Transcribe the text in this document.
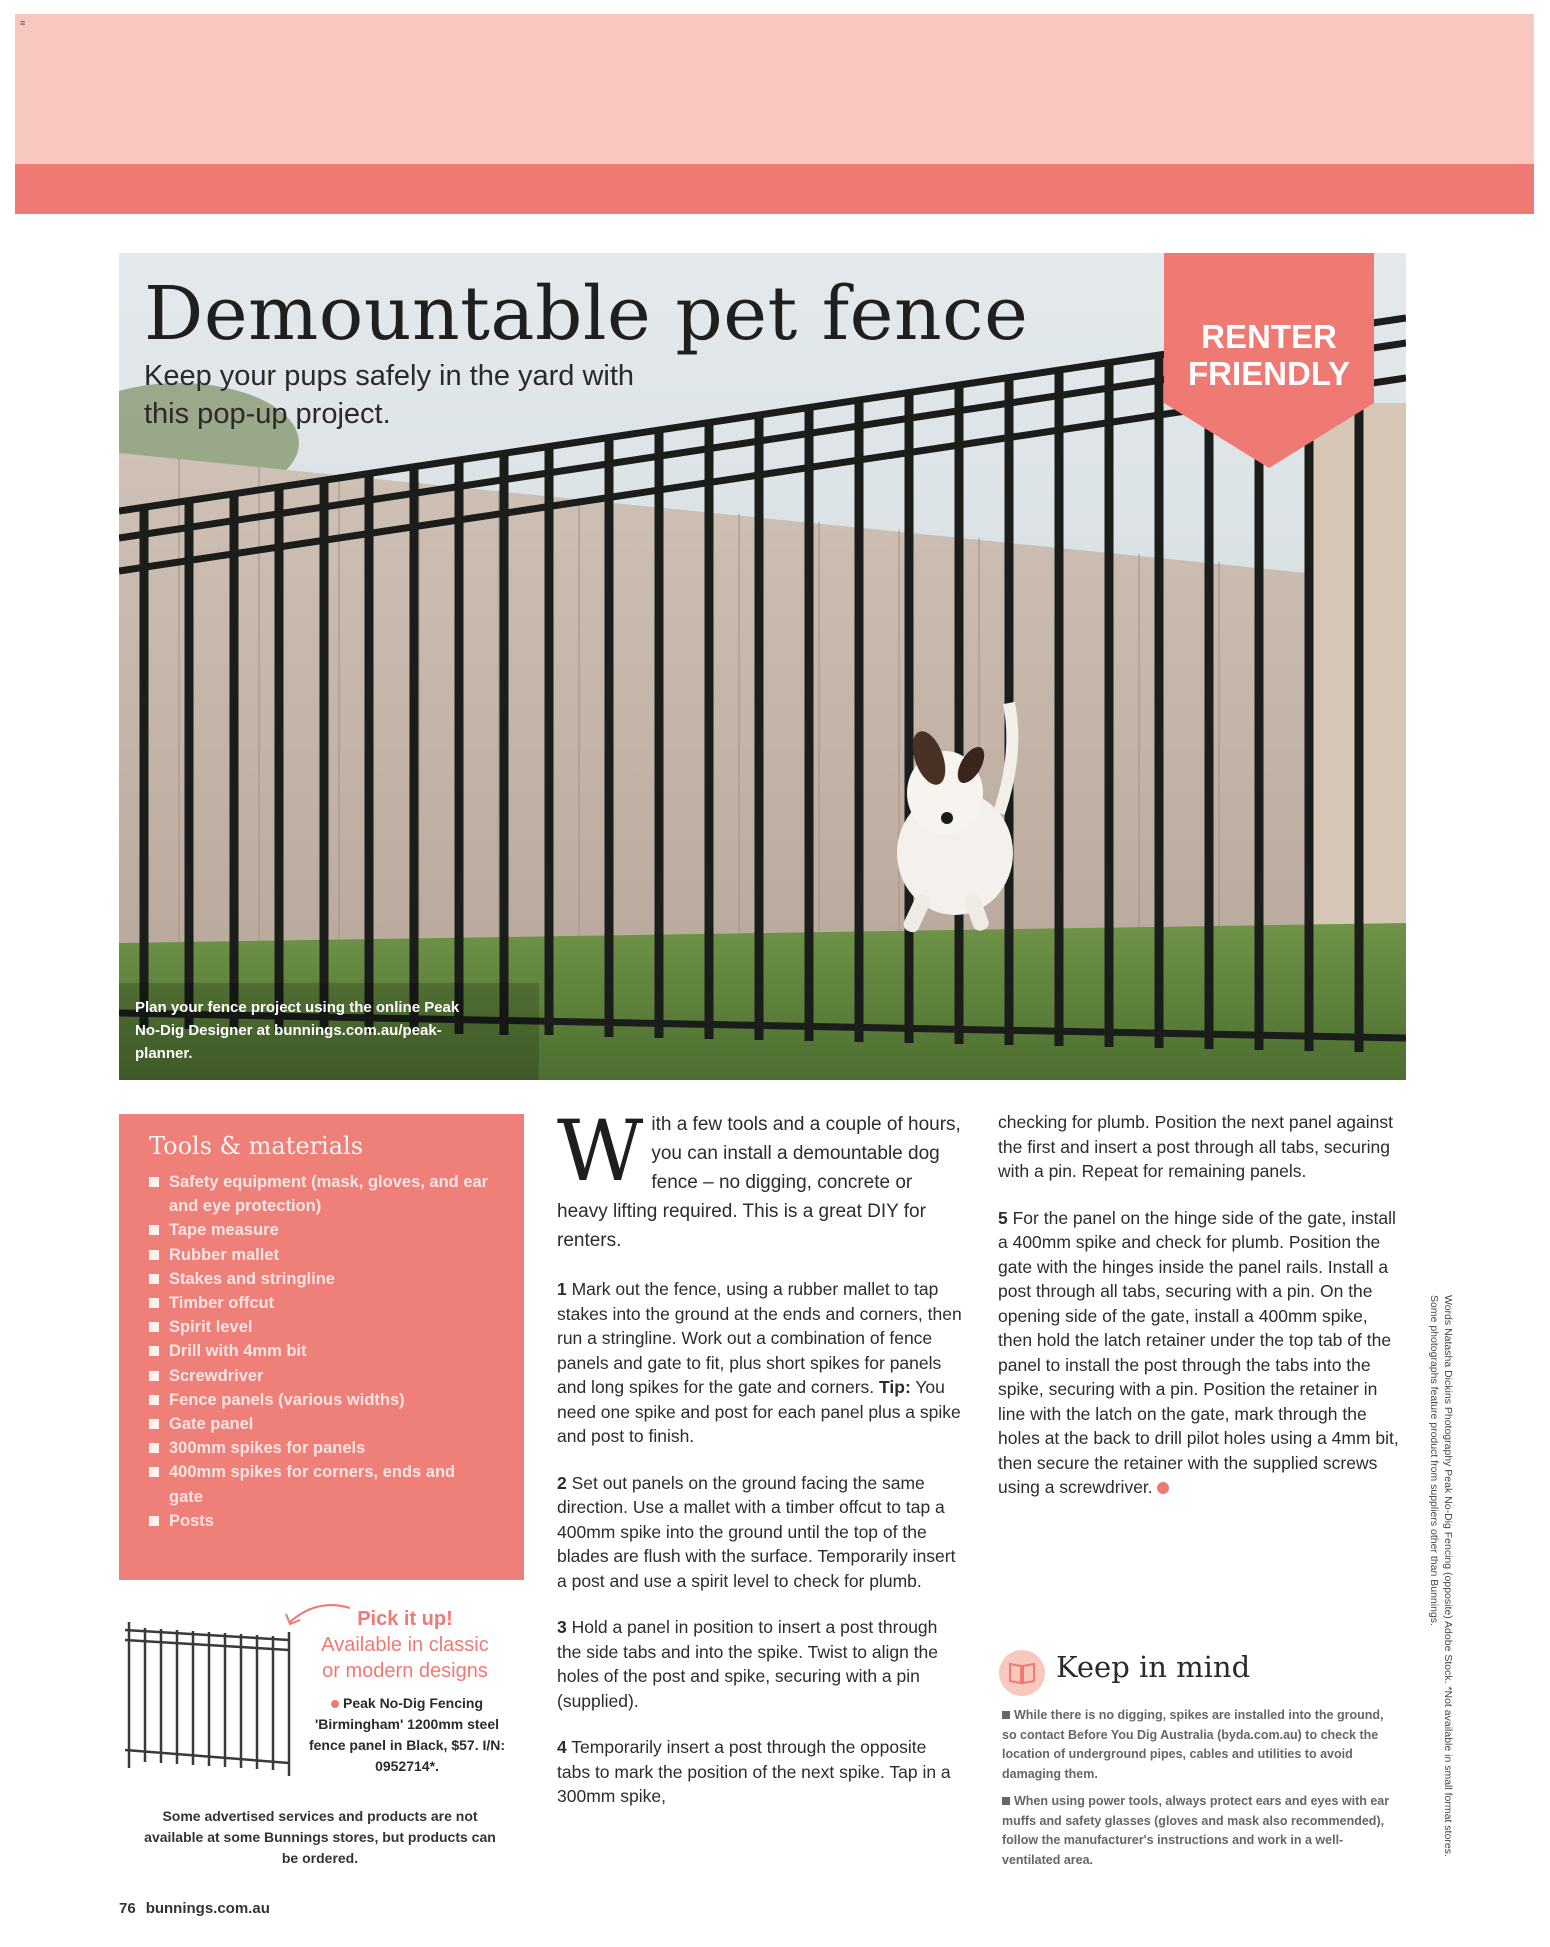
≡
Demountable pet fence
Keep your pups safely in the yard with this pop-up project.
RENTER
FRIENDLY
Plan your fence project using the online Peak No-Dig Designer at bunnings.com.au/peak-planner.
Tools & materials
Safety equipment (mask, gloves, and ear and eye protection)
Tape measure
Rubber mallet
Stakes and stringline
Timber offcut
Spirit level
Drill with 4mm bit
Screwdriver
Fence panels (various widths)
Gate panel
300mm spikes for panels
400mm spikes for corners, ends and gate
Posts
Pick it up!
Available in classic
or modern designs
Peak No-Dig Fencing 'Birmingham' 1200mm steel fence panel in Black, $57. I/N: 0952714*.
Some advertised services and products are not available at some Bunnings stores, but products can be ordered.
76 bunnings.com.au

With a few tools and a couple of hours, you can install a demountable dog fence – no digging, concrete or heavy lifting required. This is a great DIY for renters.

1 Mark out the fence, using a rubber mallet to tap stakes into the ground at the ends and corners, then run a stringline. Work out a combination of fence panels and gate to fit, plus short spikes for panels and long spikes for the gate and corners. Tip: You need one spike and post for each panel plus a spike and post to finish.

2 Set out panels on the ground facing the same direction. Use a mallet with a timber offcut to tap a 400mm spike into the ground until the top of the blades are flush with the surface. Temporarily insert a post and use a spirit level to check for plumb.

3 Hold a panel in position to insert a post through the side tabs and into the spike. Twist to align the holes of the post and spike, securing with a pin (supplied).

4 Temporarily insert a post through the opposite tabs to mark the position of the next spike. Tap in a 300mm spike,

checking for plumb. Position the next panel against the first and insert a post through all tabs, securing with a pin. Repeat for remaining panels.

5 For the panel on the hinge side of the gate, install a 400mm spike and check for plumb. Position the gate with the hinges inside the panel rails. Install a post through all tabs, securing with a pin. On the opening side of the gate, install a 400mm spike, then hold the latch retainer under the top tab of the panel to install the post through the tabs into the spike, securing with a pin. Position the retainer in line with the latch on the gate, mark through the holes at the back to drill pilot holes using a 4mm bit, then secure the retainer with the supplied screws using a screwdriver.

Keep in mind
While there is no digging, spikes are installed into the ground, so contact Before You Dig Australia (byda.com.au) to check the location of underground pipes, cables and utilities to avoid damaging them.
When using power tools, always protect ears and eyes with ear muffs and safety glasses (gloves and mask also recommended), follow the manufacturer's instructions and work in a well-ventilated area.
Words Natasha Dickins Photography Peak No-Dig Fencing (opposite) Adobe Stock. *Not available in small format stores. Some photographs feature product from suppliers other than Bunnings.
